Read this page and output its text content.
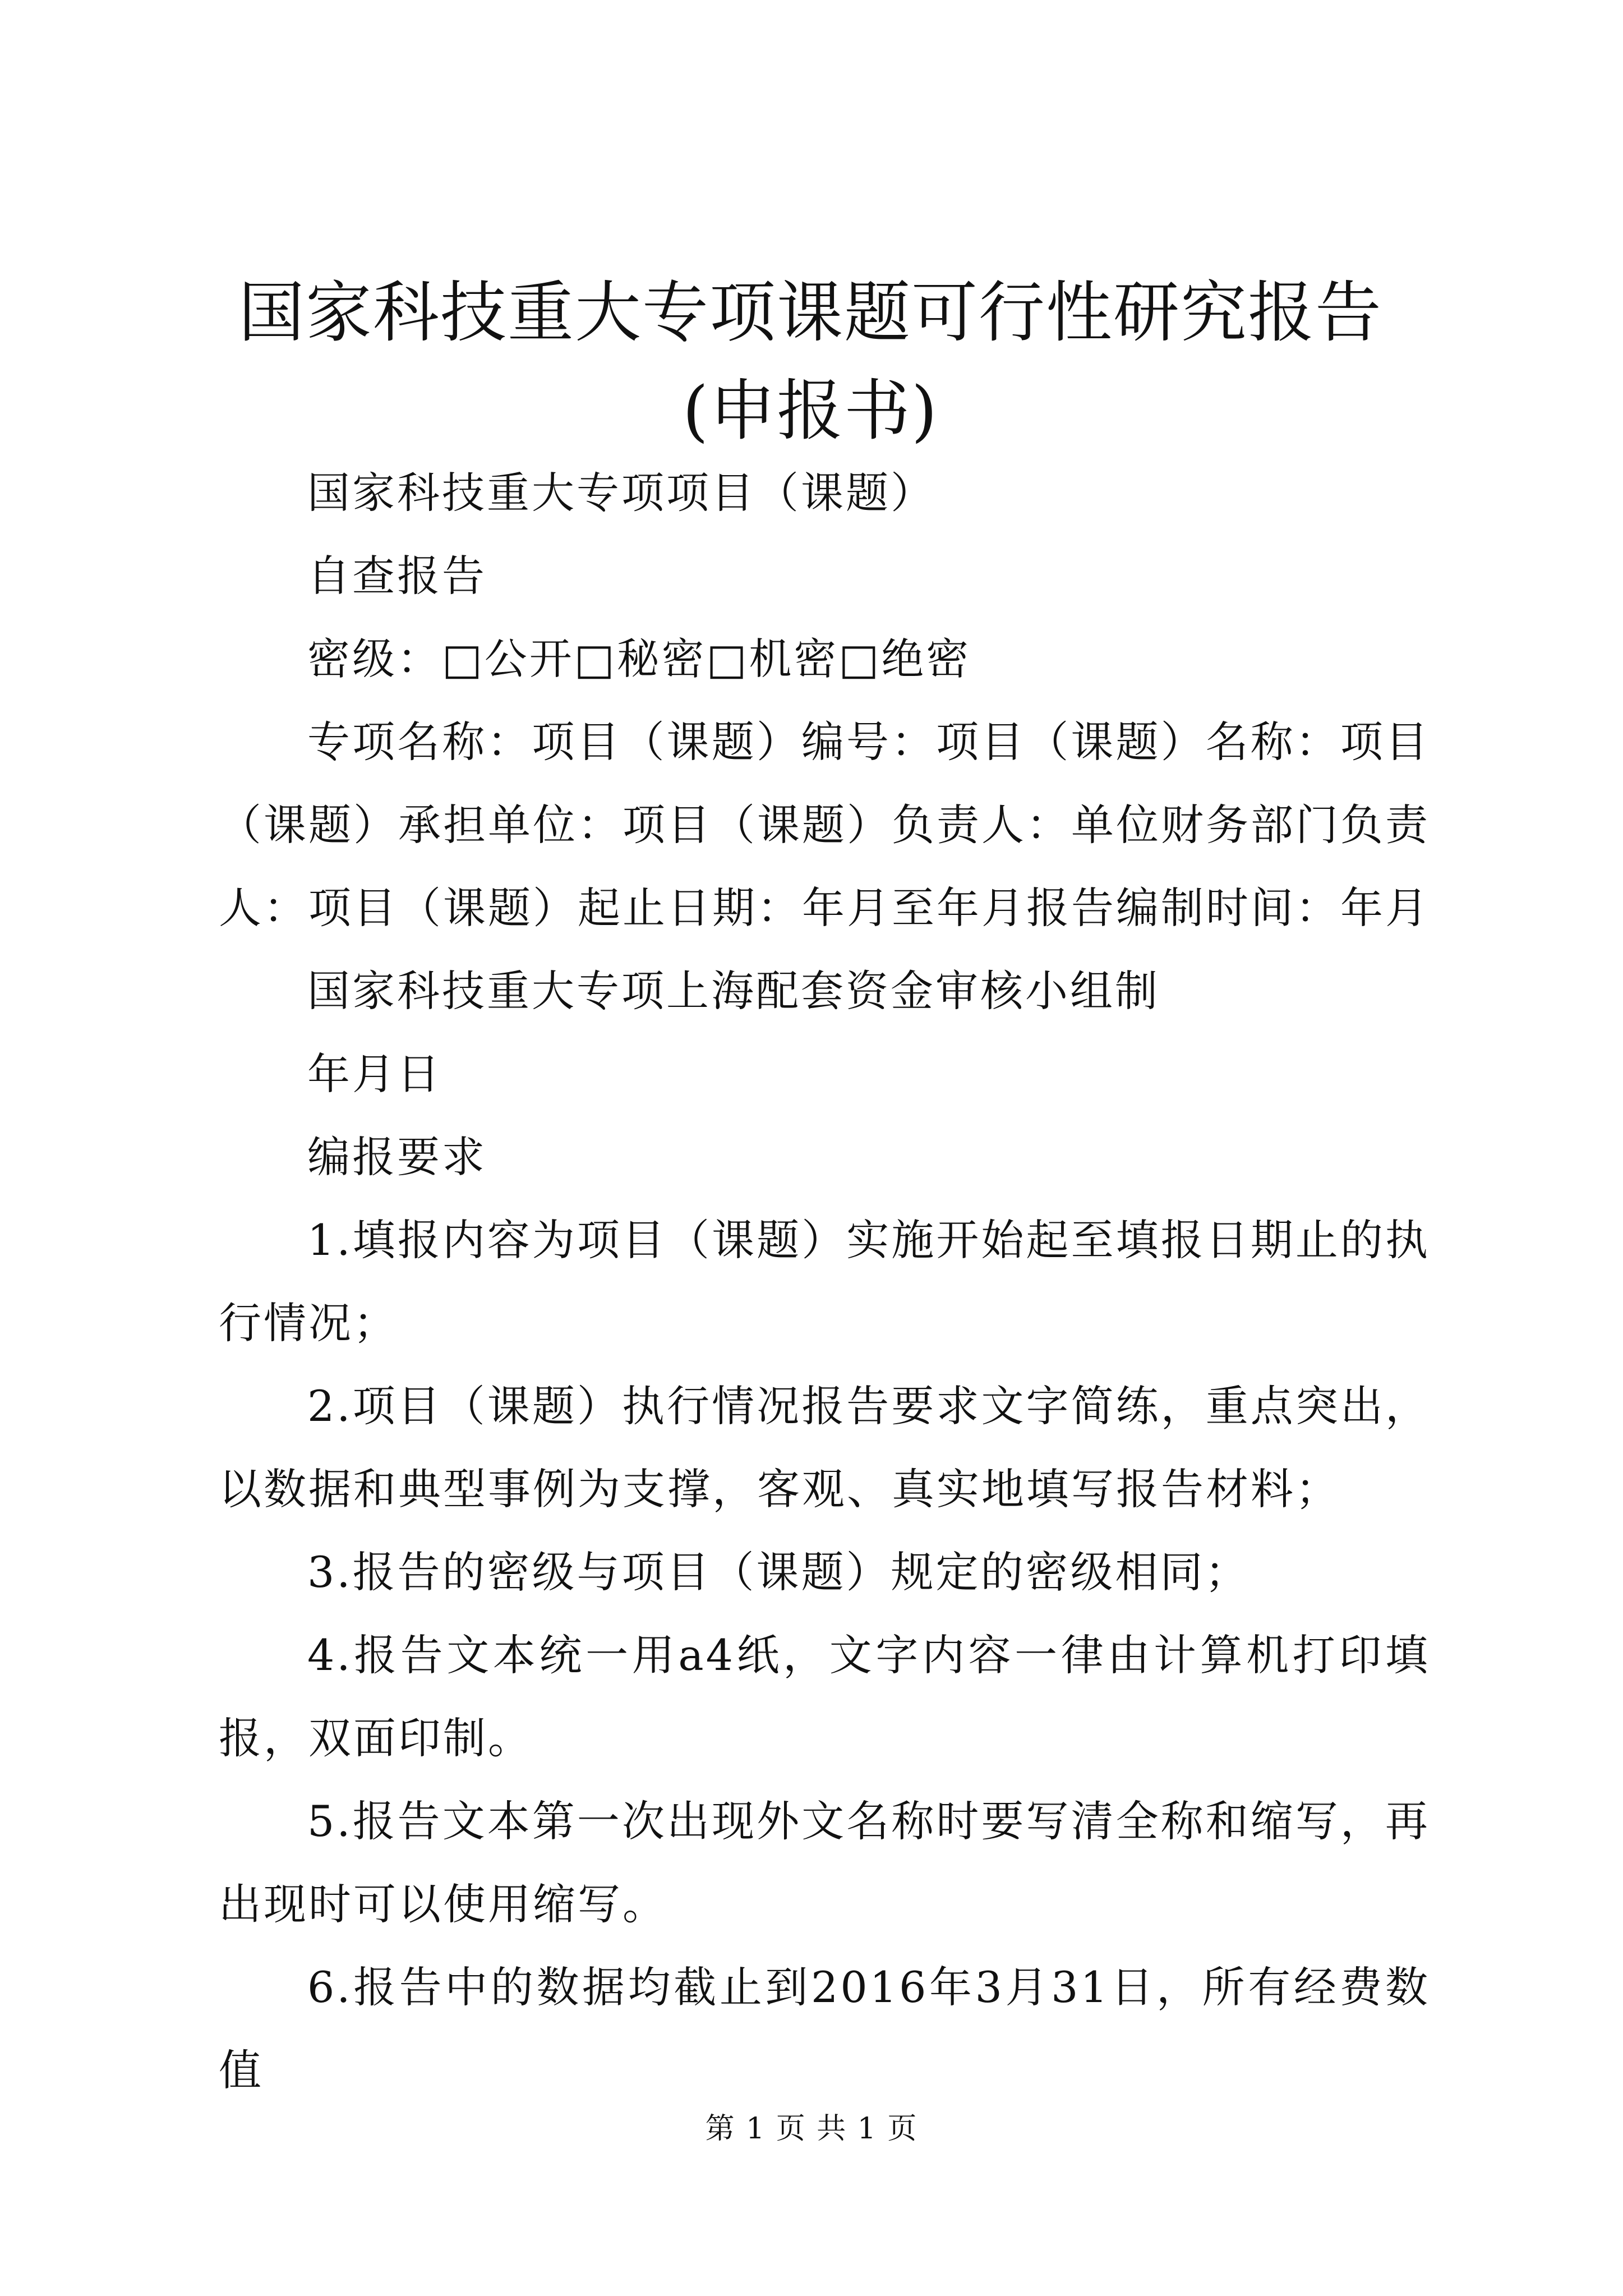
国家科技重大专项课题可行性研究报告(申报书)

国家科技重大专项项目（课题）

自查报告

密级：□公开□秘密□机密□绝密

专项名称：项目（课题）编号：项目（课题）名称：项目（课题）承担单位：项目（课题）负责人：单位财务部门负责人：项目（课题）起止日期：年月至年月报告编制时间：年月

国家科技重大专项上海配套资金审核小组制

年月日

编报要求

1.填报内容为项目（课题）实施开始起至填报日期止的执行情况；

2.项目（课题）执行情况报告要求文字简练，重点突出，以数据和典型事例为支撑，客观、真实地填写报告材料；

3.报告的密级与项目（课题）规定的密级相同；

4.报告文本统一用a4纸，文字内容一律由计算机打印填报，双面印制。

5.报告文本第一次出现外文名称时要写清全称和缩写，再出现时可以使用缩写。

6.报告中的数据均截止到2016年3月31日，所有经费数值

第 1 页 共 1 页
